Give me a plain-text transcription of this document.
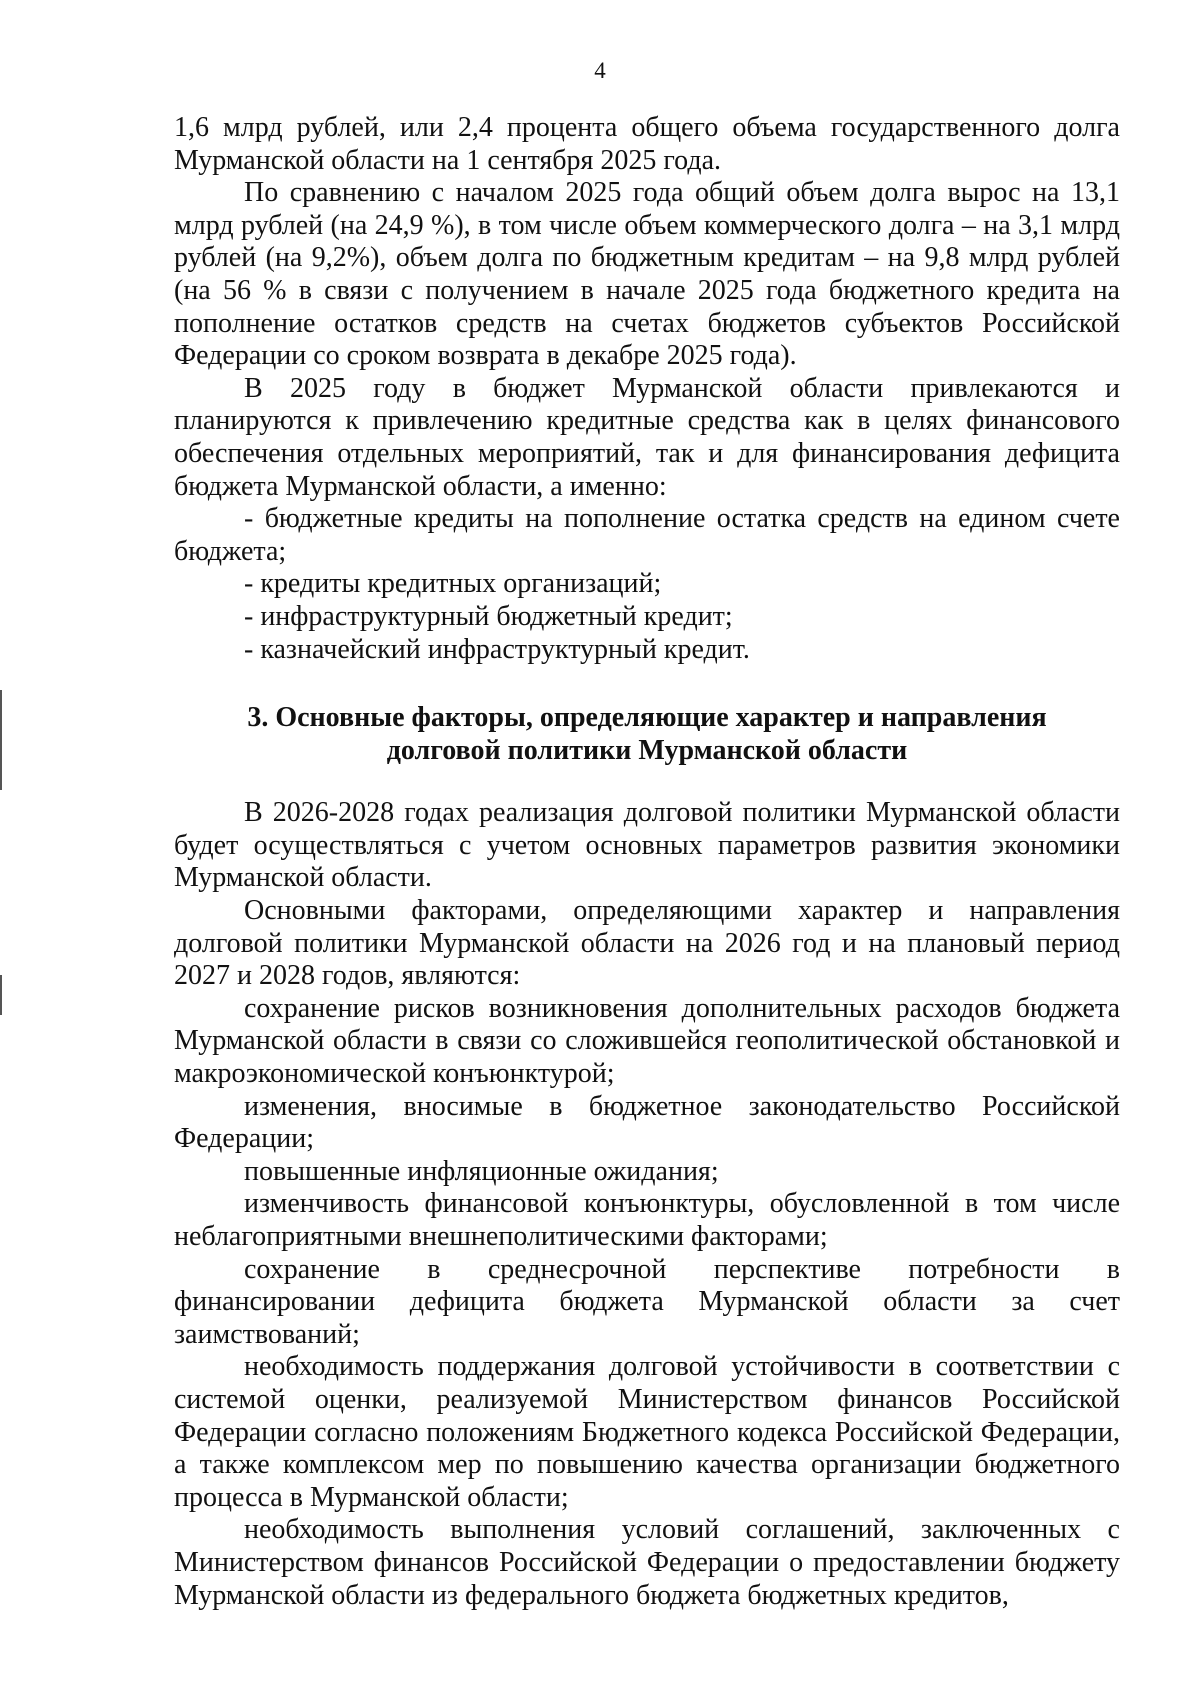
4

1,6 млрд рублей, или 2,4 процента общего объема государственного долга Мурманской области на 1 сентября 2025 года.

По сравнению с началом 2025 года общий объем долга вырос на 13,1 млрд рублей (на 24,9 %), в том числе объем коммерческого долга – на 3,1 млрд рублей (на 9,2%), объем долга по бюджетным кредитам – на 9,8 млрд рублей (на 56 % в связи с получением в начале 2025 года бюджетного кредита на пополнение остатков средств на счетах бюджетов субъектов Российской Федерации со сроком возврата в декабре 2025 года).

В 2025 году в бюджет Мурманской области привлекаются и планируются к привлечению кредитные средства как в целях финансового обеспечения отдельных мероприятий, так и для финансирования дефицита бюджета Мурманской области, а именно:

- бюджетные кредиты на пополнение остатка средств на едином счете бюджета;

- кредиты кредитных организаций;

- инфраструктурный бюджетный кредит;

- казначейский инфраструктурный кредит.

3. Основные факторы, определяющие характер и направления
долговой политики Мурманской области

В 2026-2028 годах реализация долговой политики Мурманской области будет осуществляться с учетом основных параметров развития экономики Мурманской области.

Основными факторами, определяющими характер и направления долговой политики Мурманской области на 2026 год и на плановый период 2027 и 2028 годов, являются:

сохранение рисков возникновения дополнительных расходов бюджета Мурманской области в связи со сложившейся геополитической обстановкой и макроэкономической конъюнктурой;

изменения, вносимые в бюджетное законодательство Российской Федерации;

повышенные инфляционные ожидания;

изменчивость финансовой конъюнктуры, обусловленной в том числе неблагоприятными внешнеполитическими факторами;

сохранение в среднесрочной перспективе потребности в финансировании дефицита бюджета Мурманской области за счет заимствований;

необходимость поддержания долговой устойчивости в соответствии с системой оценки, реализуемой Министерством финансов Российской Федерации согласно положениям Бюджетного кодекса Российской Федерации, а также комплексом мер по повышению качества организации бюджетного процесса в Мурманской области;

необходимость выполнения условий соглашений, заключенных с Министерством финансов Российской Федерации о предоставлении бюджету Мурманской области из федерального бюджета бюджетных кредитов,
